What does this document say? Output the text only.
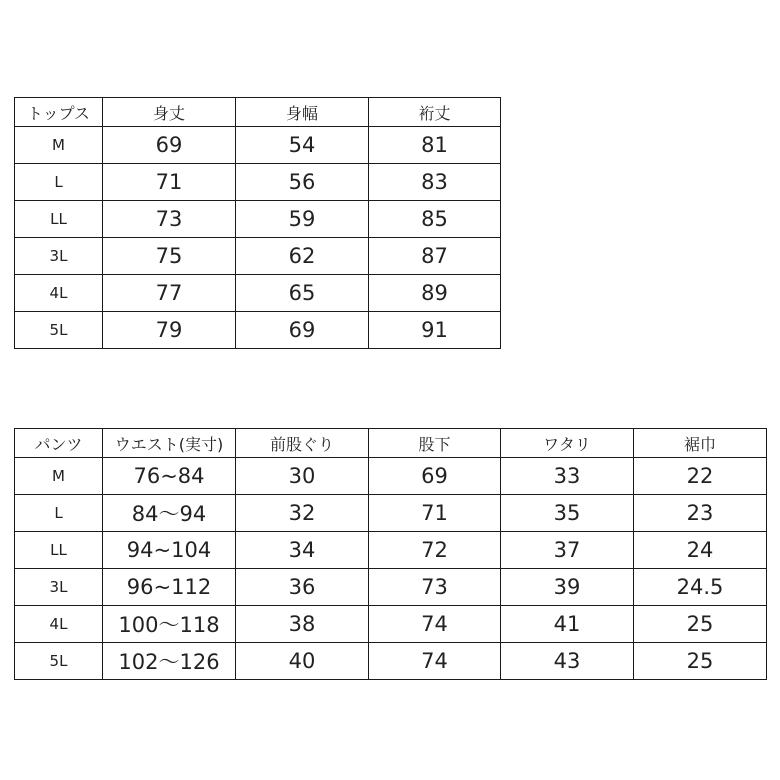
トップス	身丈	身幅	裄丈
M	69	54	81
L	71	56	83
LL	73	59	85
3L	75	62	87
4L	77	65	89
5L	79	69	91
パンツ	ウエスト(実寸)	前股ぐり	股下	ワタリ	裾巾
M	76~84	30	69	33	22
L	84〜94	32	71	35	23
LL	94~104	34	72	37	24
3L	96~112	36	73	39	24.5
4L	100〜118	38	74	41	25
5L	102〜126	40	74	43	25
